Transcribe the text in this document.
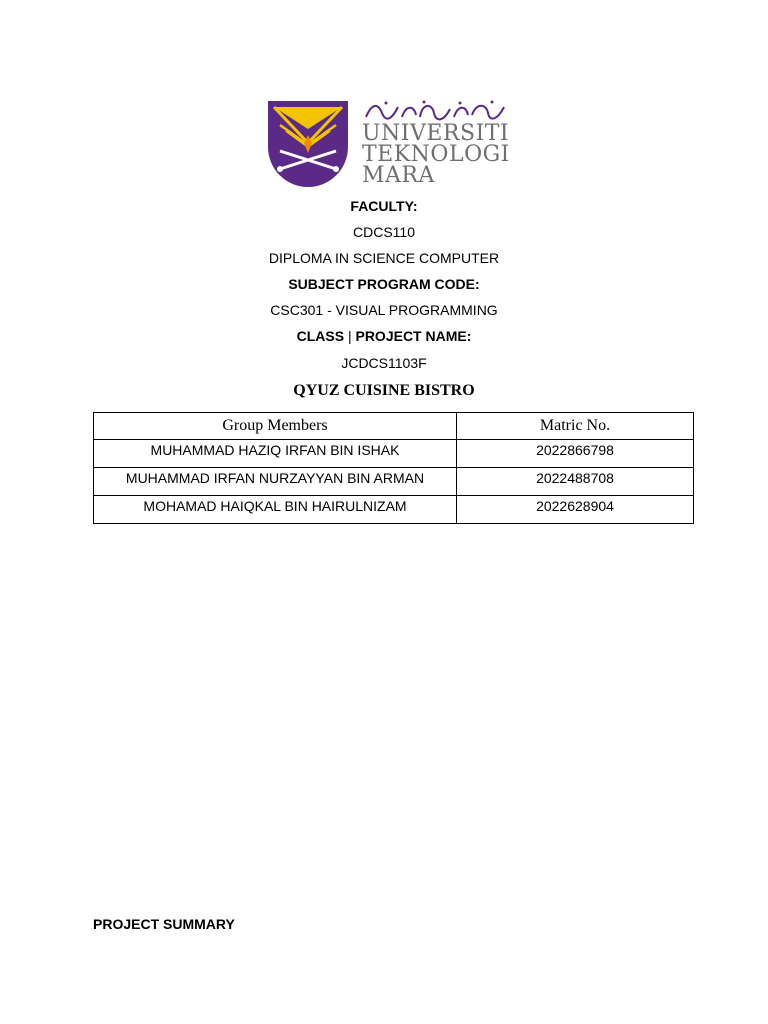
UNIVERSITI
TEKNOLOGI
MARA
FACULTY:
CDCS110
DIPLOMA IN SCIENCE COMPUTER
SUBJECT PROGRAM CODE:
CSC301 - VISUAL PROGRAMMING
CLASS | PROJECT NAME:
JCDCS1103F
QYUZ CUISINE BISTRO
Group Members	Matric No.
MUHAMMAD HAZIQ IRFAN BIN ISHAK	2022866798
MUHAMMAD IRFAN NURZAYYAN BIN ARMAN	2022488708
MOHAMAD HAIQKAL BIN HAIRULNIZAM	2022628904
PROJECT SUMMARY
